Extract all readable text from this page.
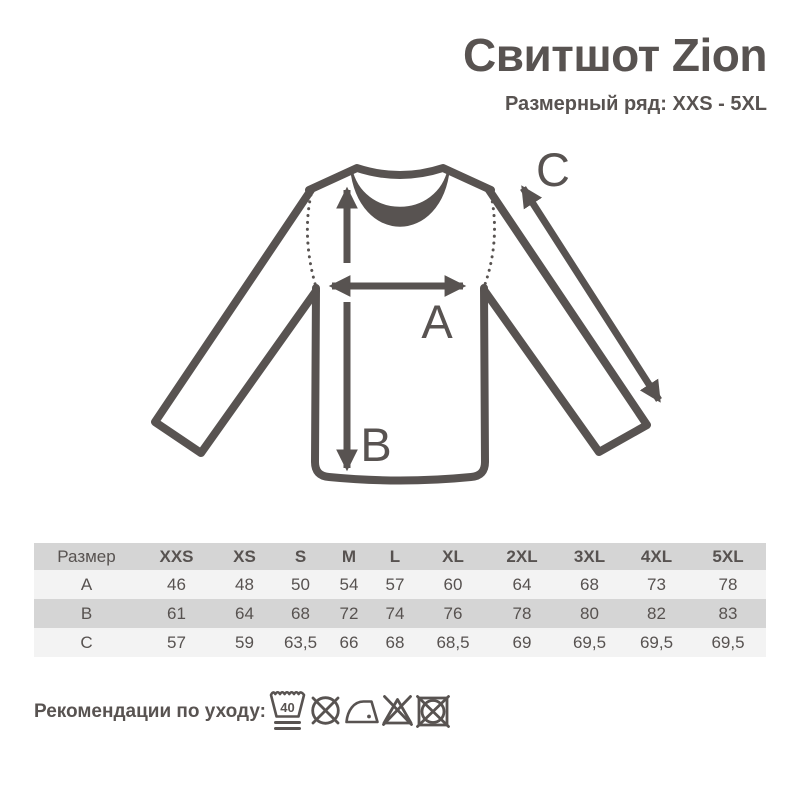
Свитшот Zion
Размерный ряд: XXS - 5XL
A
B
C
Размер	XXS	XS	S	M	L	XL	2XL	3XL	4XL	5XL
A	46	48	50	54	57	60	64	68	73	78
B	61	64	68	72	74	76	78	80	82	83
C	57	59	63,5	66	68	68,5	69	69,5	69,5	69,5
Рекомендации по уходу: 40
